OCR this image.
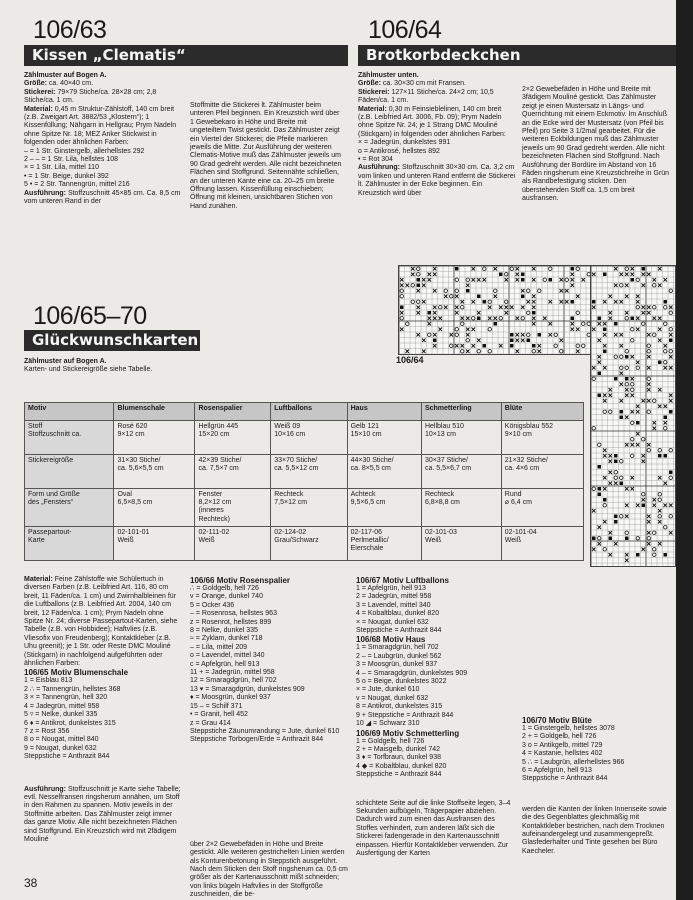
106/63
Kissen „Clematis“

Zählmuster auf Bogen A.

Größe: ca. 40×40 cm.

Stickerei: 79×79 Stiche/ca. 28×28 cm; 2,8 Stiche/ca. 1 cm.

Material: 0,45 m Struktur-Zählstoff, 140 cm breit (z.B. Zweigart Art. 3882/53 „Klostern“); 1 Kissenfüllung; Nähgarn in Hellgrau; Prym Nadeln ohne Spitze Nr. 18; MEZ Anker Stickwist in folgenden oder ähnlichen Farben:

– = 1 Str. Ginstergelb, allerhellstes 292

2 – – = 1 Str. Lila, hellstes 108

× = 1 Str. Lila, mittel 110

• = 1 Str. Beige, dunkel 392

5 • = 2 Str. Tannengrün, mittel 216

Ausführung: Stoffzuschnitt 45×85 cm. Ca. 8,5 cm vom unteren Rand in der

Stoffmitte die Stickerei lt. Zählmuster beim unteren Pfeil beginnen. Ein Kreuzstich wird über 1 Gewebekaro in Höhe und Breite mit ungeteiltem Twist gestickt. Das Zählmuster zeigt ein Viertel der Stickerei; die Pfeile markieren jeweils die Mitte. Zur Ausführung der weiteren Clematis-Motive muß das Zählmuster jeweils um 90 Grad gedreht werden. Alle nicht bezeichneten Flächen sind Stoffgrund. Seitennähte schließen, an der unteren Kante eine ca. 20–25 cm breite Öffnung lassen. Kissenfüllung einschieben; Öffnung mit kleinen, unsichtbaren Stichen von Hand zunähen.
106/64
Brotkorbdeckchen

Zählmuster unten.

Größe: ca. 30×30 cm mit Fransen.

Stickerei: 127×11 Stiche/ca. 24×2 cm; 10,5 Fäden/ca. 1 cm.

Material: 0,30 m Feinsieblelinen, 140 cm breit (z.B. Leibfried Art. 3006, Fb. 09); Prym Nadeln ohne Spitze Nr. 24; je 1 Strang DMC Mouliné (Stickgarn) in folgenden oder ähnlichen Farben:

× = Jadegrün, dunkelstes 991

o = Antikrosé, hellstes 892

• = Rot 304

Ausführung: Stoffzuschnitt 30×30 cm. Ca. 3,2 cm vom linken und unteren Rand entfernt die Stickerei lt. Zählmuster in der Ecke beginnen. Ein Kreuzstich wird über

2×2 Gewebefäden in Höhe und Breite mit 3fädigem Mouliné gestickt. Das Zählmuster zeigt je einen Mustersatz in Längs- und Querrichtung mit einem Eckmotiv. Im Anschluß an die Ecke wird der Mustersatz (von Pfeil bis Pfeil) pro Seite 3 1/2mal gearbeitet. Für die weiteren Eckbildungen muß das Zählmuster jeweils um 90 Grad gedreht werden. Alle nicht bezeichneten Flächen sind Stoffgrund. Nach Ausführung der Bordüre im Abstand von 16 Fäden ringsherum eine Kreuzstichreihe in Grün als Randbefestigung sticken. Den überstehenden Stoff ca. 1,5 cm breit ausfransen.
106/64
106/65–70
Glückwunschkarten
Zählmuster auf Bogen A.
Karten- und Stickereigröße siehe Tabelle.
Motiv	Blumenschale	Rosenspalier	Luftballons	Haus	Schmetterling	Blüte
Stoff
Stoffzuschnitt ca.	Rosé 620
9×12 cm	Hellgrün 445
15×20 cm	Weiß 09
10×16 cm	Gelb 121
15×10 cm	Hellblau 510
10×13 cm	Königsblau 552
9×10 cm
Stickereigröße	31×30 Stiche/
ca. 5,6×5,5 cm	42×39 Stiche/
ca. 7,5×7 cm	33×70 Stiche/
ca. 5,5×12 cm	44×30 Stiche/
ca. 8×5,5 cm	30×37 Stiche/
ca. 5,5×6,7 cm	21×32 Stiche/
ca. 4×6 cm
Form und Größe
des „Fensters“	Oval
6,5×8,5 cm	Fenster
8,2×12 cm
(inneres
Rechteck)	Rechteck
7,5×12 cm	Achteck
9,5×6,5 cm	Rechteck
6,8×8,8 cm	Rund
⌀ 6,4 cm
Passepartout-
Karte	02-101-01
Weiß	02-111-02
Weiß	02-124-02
Grau/Schwarz	02-117-06
Perlmetallic/
Eierschale	02-101-03
Weiß	02-101-04
Weiß

Material: Feine Zählstoffe wie Schülertuch in diversen Farben (z.B. Leibfried Art. 116, 80 cm breit, 11 Fäden/ca. 1 cm) und Zwirnhalbleinen für die Luftballons (z.B. Leibfried Art. 2004, 140 cm breit, 12 Fäden/ca. 1 cm); Prym Nadeln ohne Spitze Nr. 24; diverse Passepartout-Karten, siehe Tabelle (z.B. von Hobbidee); Haftvlies (z.B. Vliesofix von Freudenberg); Kontaktkleber (z.B. Uhu greenit); je 1 Str. oder Reste DMC Mouliné (Stickgarn) in nachfolgend aufgeführten oder ähnlichen Farben:

106/65 Motiv Blumenschale
1 = Eisblau 813
2 ∴ = Tannengrün, hellstes 368
3 × = Tannengrün, hell 320
4 = Jadegrün, mittel 958
5 ▿ = Nelke, dunkel 335
6 ♦ = Antikrot, dunkelstes 315
7 z = Rost 356
8 o = Nougat, mittel 840
9 = Nougat, dunkel 632
Steppstiche = Anthrazit 844

Ausführung: Stoffzuschnitt je Karte siehe Tabelle; evtl. Nesselfransen ringsherum annähen, um Stoff in den Rahmen zu spannen. Motiv jeweils in der Stoffmitte arbeiten. Das Zählmuster zeigt immer das ganze Motiv. Alle nicht bezeichneten Flächen sind Stoffgrund. Ein Kreuzstich wird mit 2fädigem Mouliné

106/66 Motiv Rosenspalier
∴ = Goldgelb, hell 726
v = Orange, dunkel 740
5 = Ocker 436
– = Rosenrosa, hellstes 963
z = Rosenrot, hellstes 899
8 = Nelke, dunkel 335
≈ = Zyklam, dunkel 718
– = Lila, mittel 209
o = Lavendel, mittel 340
c = Apfelgrün, hell 913
11 + = Jadegrün, mittel 958
12 = Smaragdgrün, hell 702
13 ▾ = Smaragdgrün, dunkelstes 909
♦ = Moosgrün, dunkel 937
15 – = Schilf 371
• = Granit, hell 452
z = Grau 414
Steppstiche Zäunumrandung = Jute, dunkel 610
Steppstiche Torbogen/Erde = Anthrazit 844

über 2×2 Gewebefäden in Höhe und Breite gestickt. Alle weiteren gestrichelten Linien werden als Konturenbetonung in Steppstich ausgeführt. Nach dem Sticken den Stoff ringsherum ca. 0,5 cm größer als der Kartenausschnitt mißt schneiden; von links bügeln Haftvlies in der Stoffgröße zuschneiden, die be-

106/67 Motiv Luftballons
1 = Apfelgrün, hell 913
2 = Jadegrün, mittel 958
3 = Lavendel, mittel 340
4 = Kobaltblau, dunkel 820
× = Nougat, dunkel 632
Steppstiche = Anthrazit 844
106/68 Motiv Haus
1 = Smaragdgrün, hell 702
2 – = Laubgrün, dunkel 562
3 = Moosgrün, dunkel 937
4 – = Smaragdgrün, dunkelstes 909
5 o = Beige, dunkelstes 3022
× = Jute, dunkel 610
v = Nougat, dunkel 632
8 = Antikrot, dunkelstes 315
9 + Steppstiche = Anthrazit 844
10 ◢ = Schwarz 310
106/69 Motiv Schmetterling
1 = Goldgelb, hell 726
2 + = Maisgelb, dunkel 742
3 ♦ = Torfbraun, dunkel 938
4 ◆ = Kobaltblau, dunkel 820
Steppstiche = Anthrazit 844

schichtete Seite auf die linke Stoffseite legen, 3–4 Sekunden aufbügeln, Trägerpapier abziehen. Dadurch wird zum einen das Ausfransen des Stoffes verhindert, zum anderen läßt sich die Stickerei fadengerade in den Kartenausschnitt einpassen. Hierfür Kontaktkleber verwenden. Zur Ausfertigung der Karten

106/70 Motiv Blüte
1 = Ginstergelb, hellstes 3078
2 + = Goldgelb, hell 726
3 o = Antikgelb, mittel 729
4 = Kastanie, hellstes 402
5 ∴ = Laubgrün, allerhellstes 966
6 = Apfelgrün, hell 913
Steppstiche = Anthrazit 844

werden die Kanten der linken Innenseite sowie die des Gegenblattes gleichmäßig mit Kontaktkleber bestrichen, nach dem Trocknen aufeinandergelegt und zusammengepreßt. Glasfederhalter und Tinte gesehen bei Büro Kaecheler.

38
